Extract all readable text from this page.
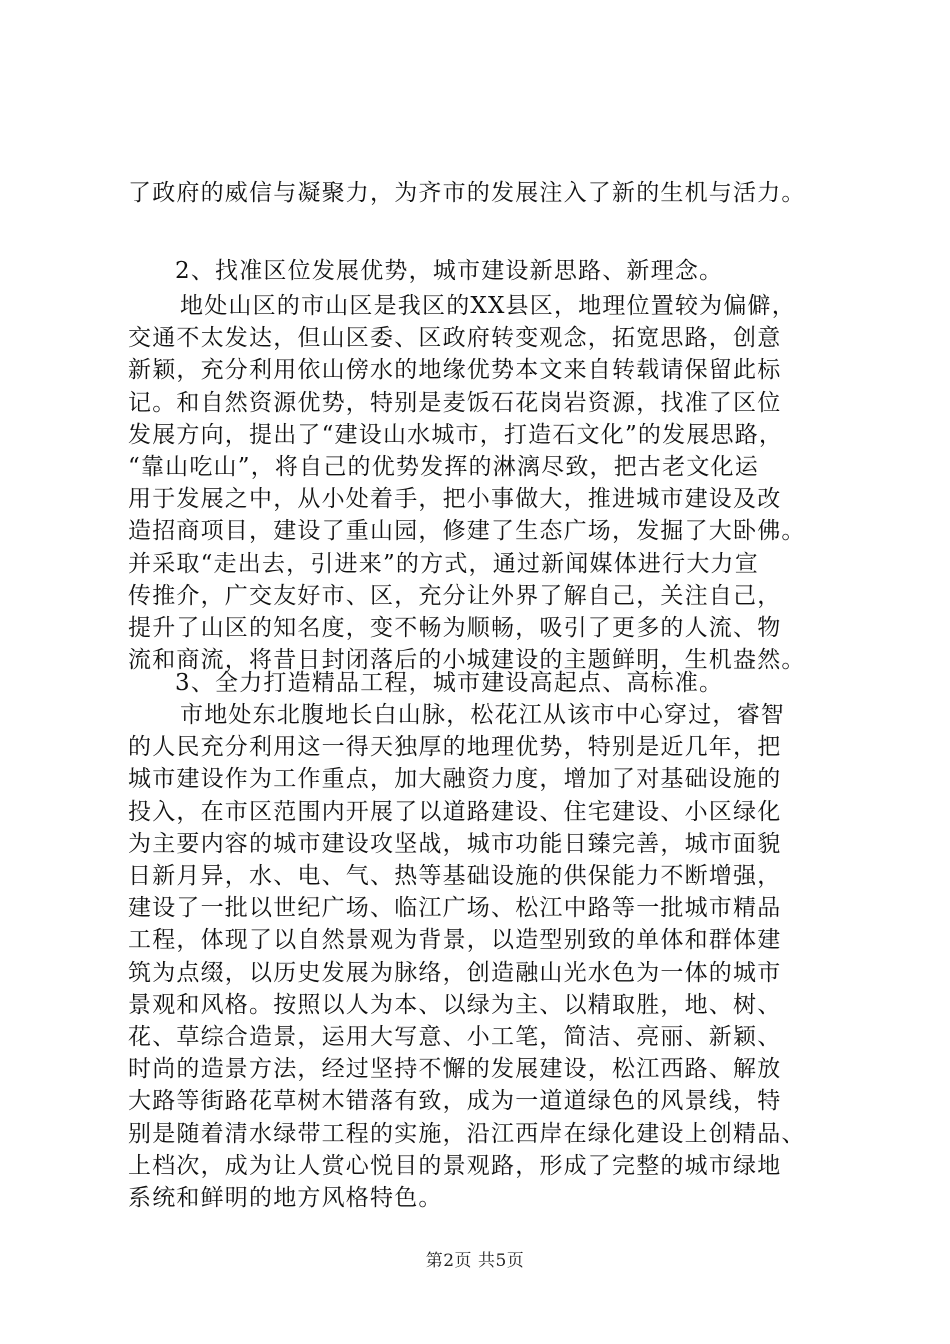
了政府的威信与凝聚力，为齐市的发展注入了新的生机与活力。
2、找准区位发展优势，城市建设新思路、新理念。
地处山区的市山区是我区的XX县区，地理位置较为偏僻，
交通不太发达，但山区委、区政府转变观念，拓宽思路，创意
新颖，充分利用依山傍水的地缘优势本文来自转载请保留此标
记。和自然资源优势，特别是麦饭石花岗岩资源，找准了区位
发展方向，提出了“建设山水城市，打造石文化”的发展思路，
“靠山吃山”，将自己的优势发挥的淋漓尽致，把古老文化运
用于发展之中，从小处着手，把小事做大，推进城市建设及改
造招商项目，建设了重山园，修建了生态广场，发掘了大卧佛。
并采取“走出去，引进来”的方式，通过新闻媒体进行大力宣
传推介，广交友好市、区，充分让外界了解自己，关注自己，
提升了山区的知名度，变不畅为顺畅，吸引了更多的人流、物
流和商流，将昔日封闭落后的小城建设的主题鲜明，生机盎然。
3、全力打造精品工程，城市建设高起点、高标准。
市地处东北腹地长白山脉，松花江从该市中心穿过，睿智
的人民充分利用这一得天独厚的地理优势，特别是近几年，把
城市建设作为工作重点，加大融资力度，增加了对基础设施的
投入，在市区范围内开展了以道路建设、住宅建设、小区绿化
为主要内容的城市建设攻坚战，城市功能日臻完善，城市面貌
日新月异，水、电、气、热等基础设施的供保能力不断增强，
建设了一批以世纪广场、临江广场、松江中路等一批城市精品
工程，体现了以自然景观为背景，以造型别致的单体和群体建
筑为点缀，以历史发展为脉络，创造融山光水色为一体的城市
景观和风格。按照以人为本、以绿为主、以精取胜，地、树、
花、草综合造景，运用大写意、小工笔，简洁、亮丽、新颖、
时尚的造景方法，经过坚持不懈的发展建设，松江西路、解放
大路等街路花草树木错落有致，成为一道道绿色的风景线，特
别是随着清水绿带工程的实施，沿江西岸在绿化建设上创精品、
上档次，成为让人赏心悦目的景观路，形成了完整的城市绿地
系统和鲜明的地方风格特色。
第2页 共5页
